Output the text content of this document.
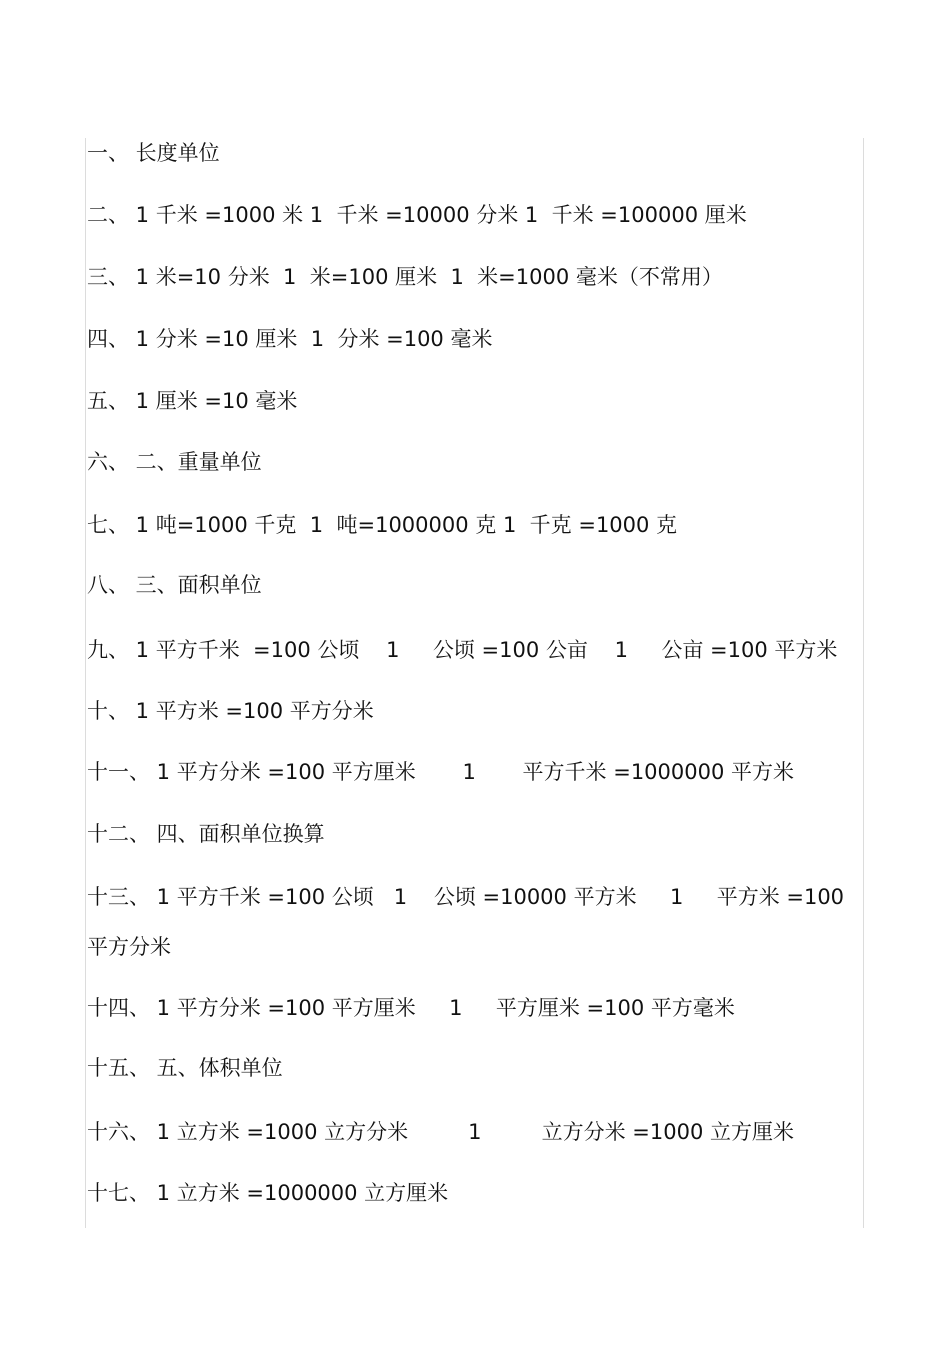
一、 长度单位
二、 1 千米 =1000 米 1  千米 =10000 分米 1  千米 =100000 厘米
三、 1 米=10 分米  1  米=100 厘米  1  米=1000 毫米（不常用）
四、 1 分米 =10 厘米  1  分米 =100 毫米
五、 1 厘米 =10 毫米
六、 二、重量单位
七、 1 吨=1000 千克  1  吨=1000000 克 1  千克 =1000 克
八、 三、面积单位
九、 1 平方千米  =100 公顷    1     公顷 =100 公亩    1     公亩 =100 平方米
十、 1 平方米 =100 平方分米
十一、 1 平方分米 =100 平方厘米       1       平方千米 =1000000 平方米
十二、 四、面积单位换算
十三、 1 平方千米 =100 公顷   1    公顷 =10000 平方米     1     平方米 =100 平方分米
十四、 1 平方分米 =100 平方厘米     1     平方厘米 =100 平方毫米
十五、 五、体积单位
十六、 1 立方米 =1000 立方分米         1         立方分米 =1000 立方厘米
十七、 1 立方米 =1000000 立方厘米
